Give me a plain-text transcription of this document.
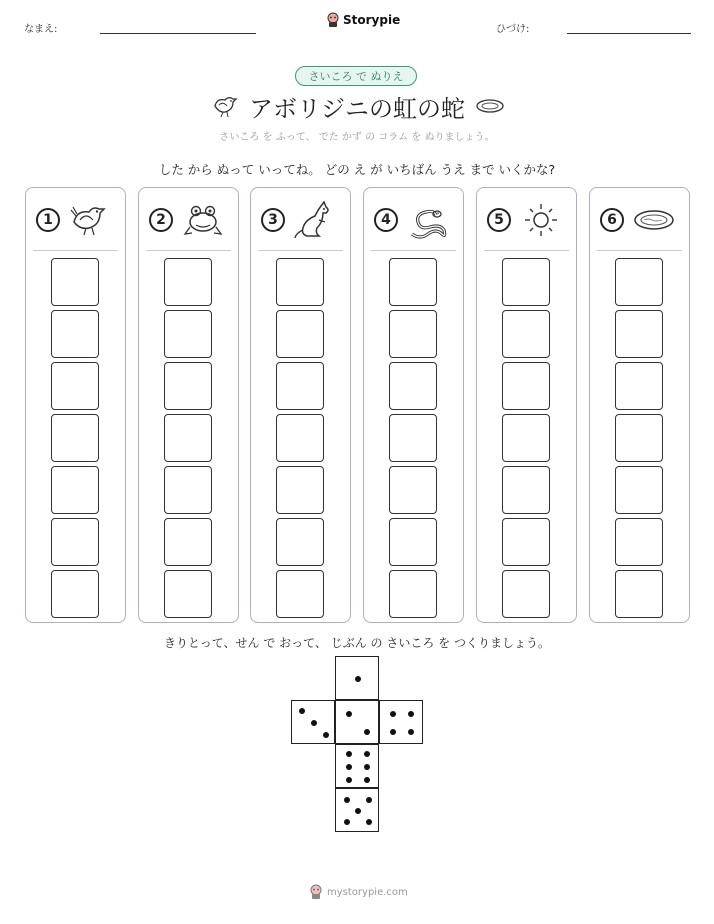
なまえ:
Storypie
ひづけ:
さいころ で ぬりえ
アボリジニの虹の蛇
さいころ を ふって、 でた かず の コラム を ぬりましょう。
した から ぬって いってね。 どの え が いちばん うえ まで いくかな?
1	2	3	4	5	6
きりとって、せん で おって、 じぶん の さいころ を つくりましょう。
mystorypie.com
